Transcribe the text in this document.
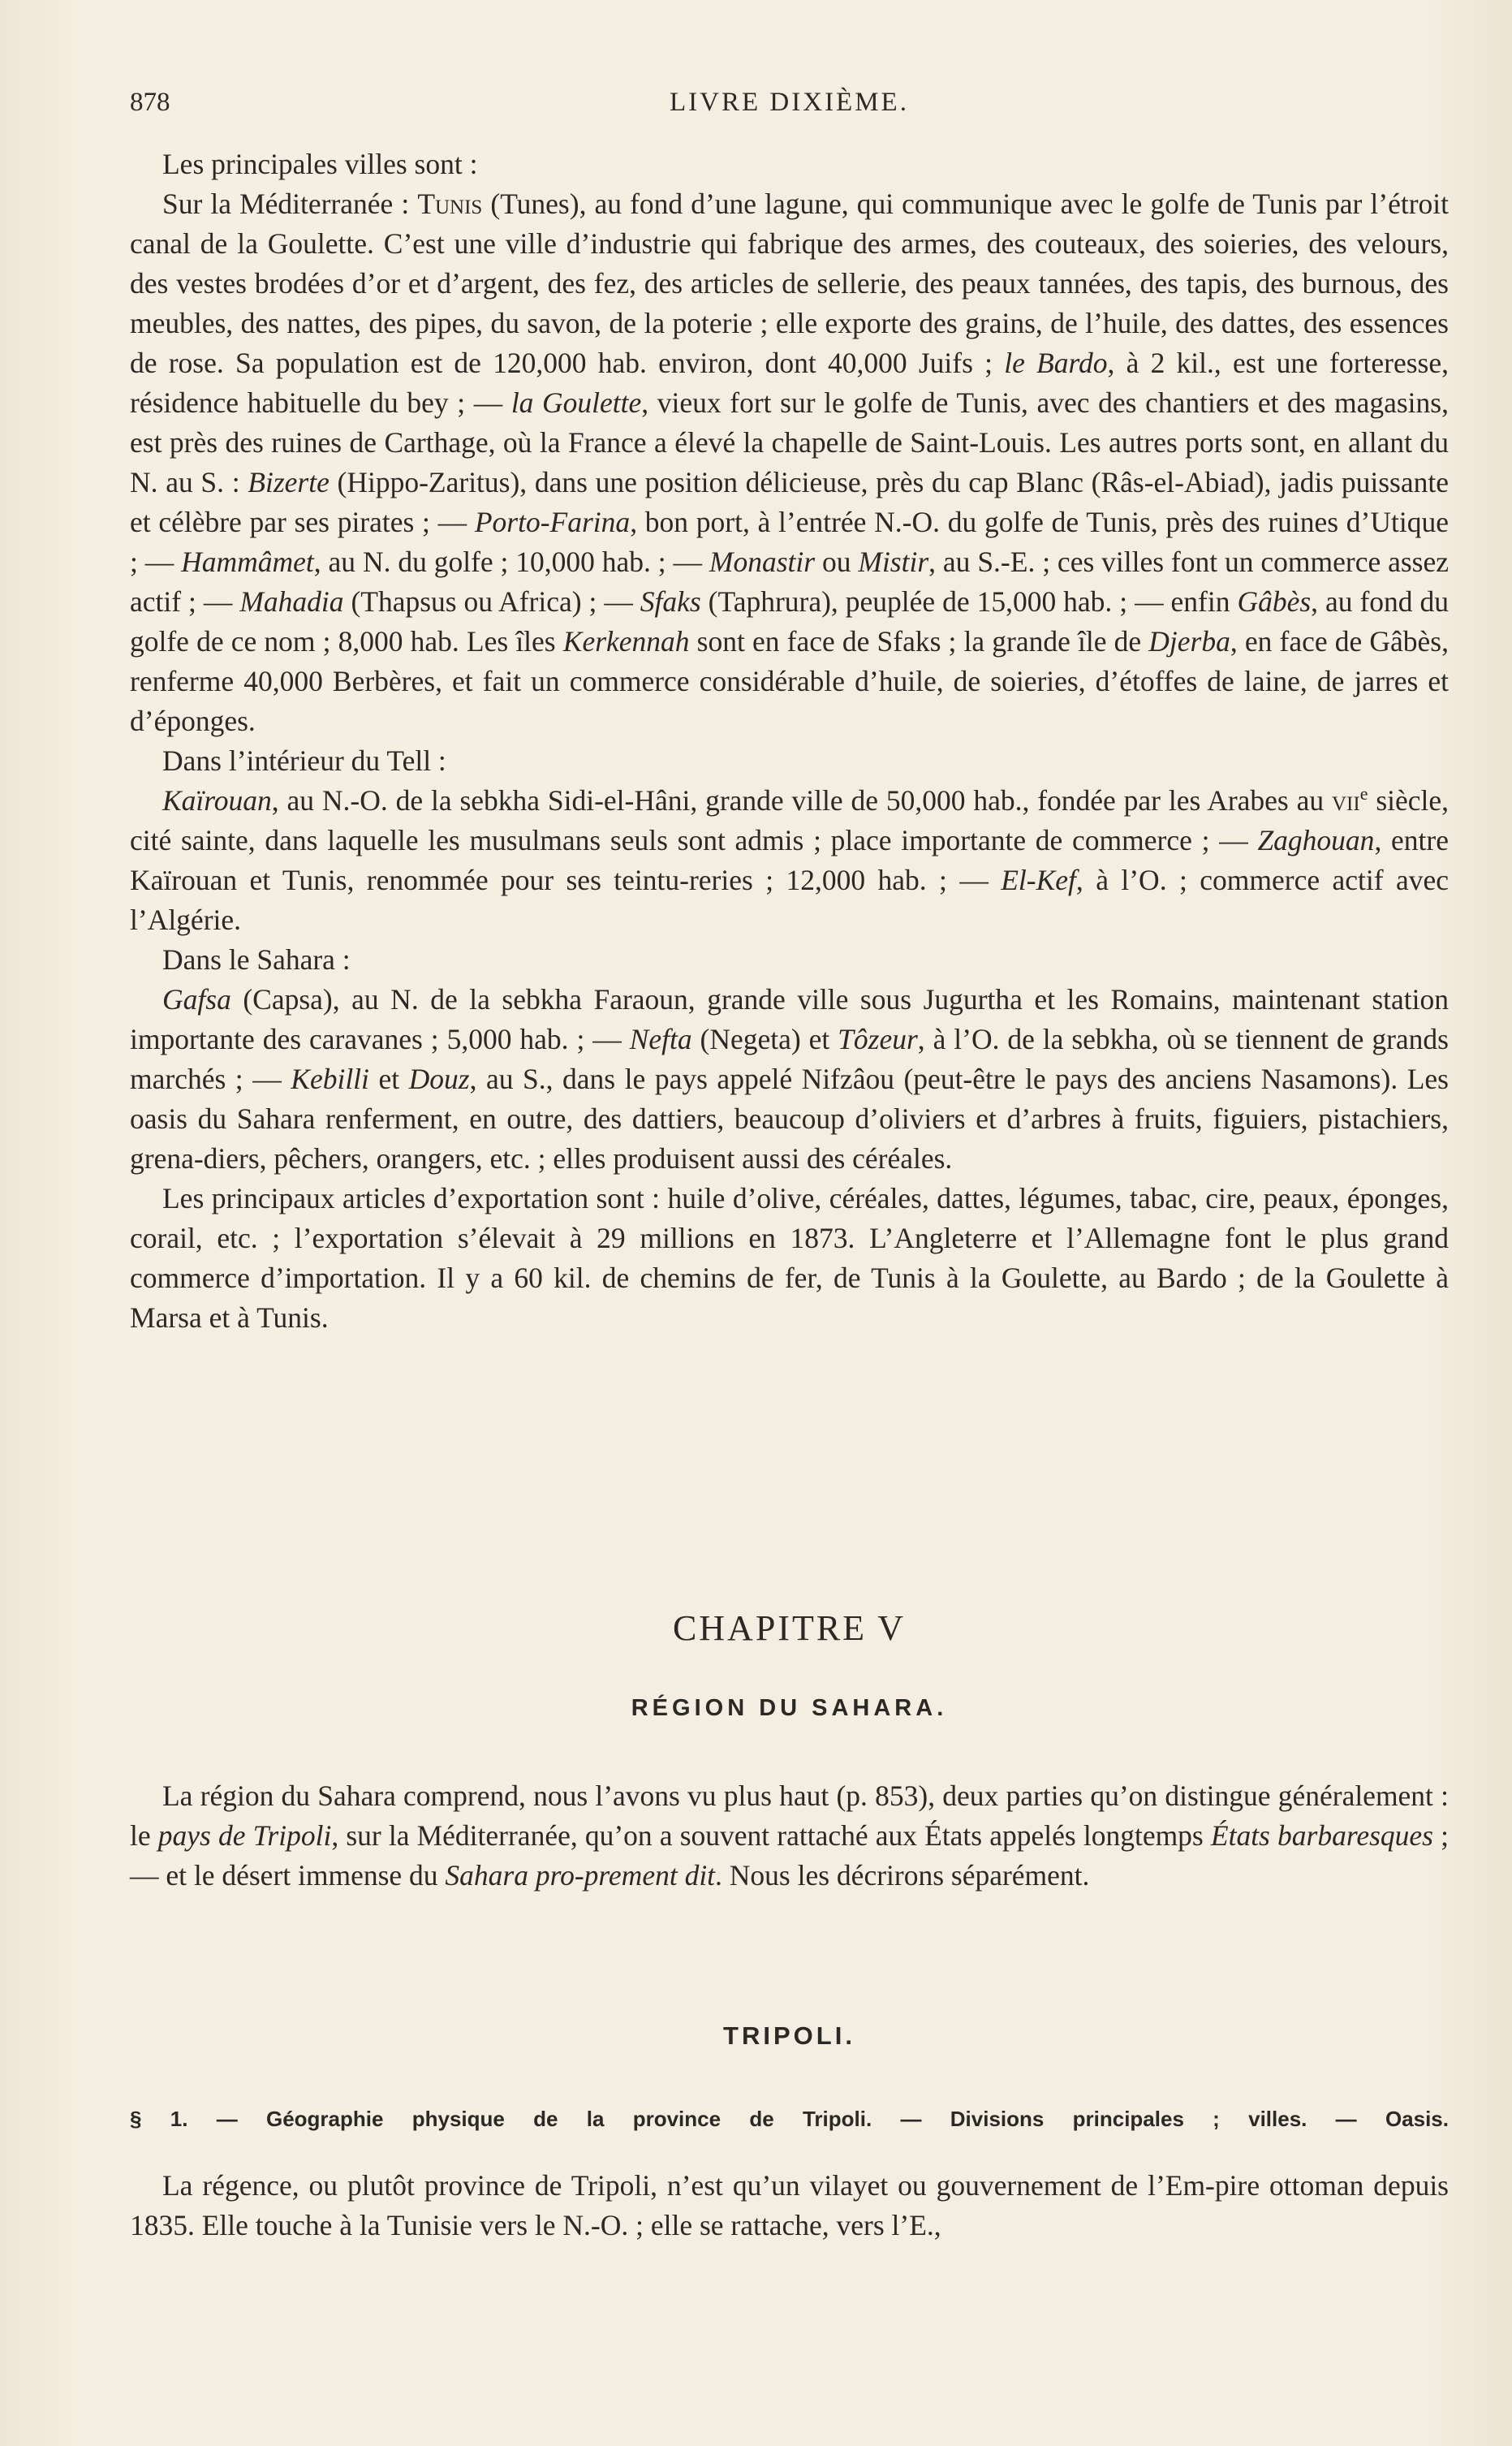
878	LIVRE DIXIÈME.

Les principales villes sont :

Sur la Méditerranée : Tunis (Tunes), au fond d’une lagune, qui communique avec le golfe de Tunis par l’étroit canal de la Goulette. C’est une ville d’industrie qui fabrique des armes, des couteaux, des soieries, des velours, des vestes brodées d’or et d’argent, des fez, des articles de sellerie, des peaux tannées, des tapis, des burnous, des meubles, des nattes, des pipes, du savon, de la poterie ; elle exporte des grains, de l’huile, des dattes, des essences de rose. Sa population est de 120,000 hab. environ, dont 40,000 Juifs ; le Bardo, à 2 kil., est une forteresse, résidence habituelle du bey ; — la Goulette, vieux fort sur le golfe de Tunis, avec des chantiers et des magasins, est près des ruines de Carthage, où la France a élevé la chapelle de Saint-Louis. Les autres ports sont, en allant du N. au S. : Bizerte (Hippo-Zaritus), dans une position délicieuse, près du cap Blanc (Râs-el-Abiad), jadis puissante et célèbre par ses pirates ; — Porto-Farina, bon port, à l’entrée N.-O. du golfe de Tunis, près des ruines d’Utique ; — Hammâmet, au N. du golfe ; 10,000 hab. ; — Monastir ou Mistir, au S.-E. ; ces villes font un commerce assez actif ; — Mahadia (Thapsus ou Africa) ; — Sfaks (Taphrura), peuplée de 15,000 hab. ; — enfin Gâbès, au fond du golfe de ce nom ; 8,000 hab. Les îles Kerkennah sont en face de Sfaks ; la grande île de Djerba, en face de Gâbès, renferme 40,000 Berbères, et fait un commerce considérable d’huile, de soieries, d’étoffes de laine, de jarres et d’éponges.

Dans l’intérieur du Tell :

Kaïrouan, au N.-O. de la sebkha Sidi-el-Hâni, grande ville de 50,000 hab., fondée par les Arabes au vii$^e$ siècle, cité sainte, dans laquelle les musulmans seuls sont admis ; place importante de commerce ; — Zaghouan, entre Kaïrouan et Tunis, renommée pour ses teintu-reries ; 12,000 hab. ; — El-Kef, à l’O. ; commerce actif avec l’Algérie.

Dans le Sahara :

Gafsa (Capsa), au N. de la sebkha Faraoun, grande ville sous Jugurtha et les Romains, maintenant station importante des caravanes ; 5,000 hab. ; — Nefta (Negeta) et Tôzeur, à l’O. de la sebkha, où se tiennent de grands marchés ; — Kebilli et Douz, au S., dans le pays appelé Nifzâou (peut-être le pays des anciens Nasamons). Les oasis du Sahara renferment, en outre, des dattiers, beaucoup d’oliviers et d’arbres à fruits, figuiers, pistachiers, grena-diers, pêchers, orangers, etc. ; elles produisent aussi des céréales.

Les principaux articles d’exportation sont : huile d’olive, céréales, dattes, légumes, tabac, cire, peaux, éponges, corail, etc. ; l’exportation s’élevait à 29 millions en 1873. L’Angleterre et l’Allemagne font le plus grand commerce d’importation. Il y a 60 kil. de chemins de fer, de Tunis à la Goulette, au Bardo ; de la Goulette à Marsa et à Tunis.

CHAPITRE V
RÉGION DU SAHARA.

La région du Sahara comprend, nous l’avons vu plus haut (p. 853), deux parties qu’on distingue généralement : le pays de Tripoli, sur la Méditerranée, qu’on a souvent rattaché aux États appelés longtemps États barbaresques ; — et le désert immense du Sahara pro-prement dit. Nous les décrirons séparément.

TRIPOLI.
§ 1. — Géographie physique de la province de Tripoli. — Divisions principales ; villes. — Oasis.

La régence, ou plutôt province de Tripoli, n’est qu’un vilayet ou gouvernement de l’Em-pire ottoman depuis 1835. Elle touche à la Tunisie vers le N.-O. ; elle se rattache, vers l’E.,
